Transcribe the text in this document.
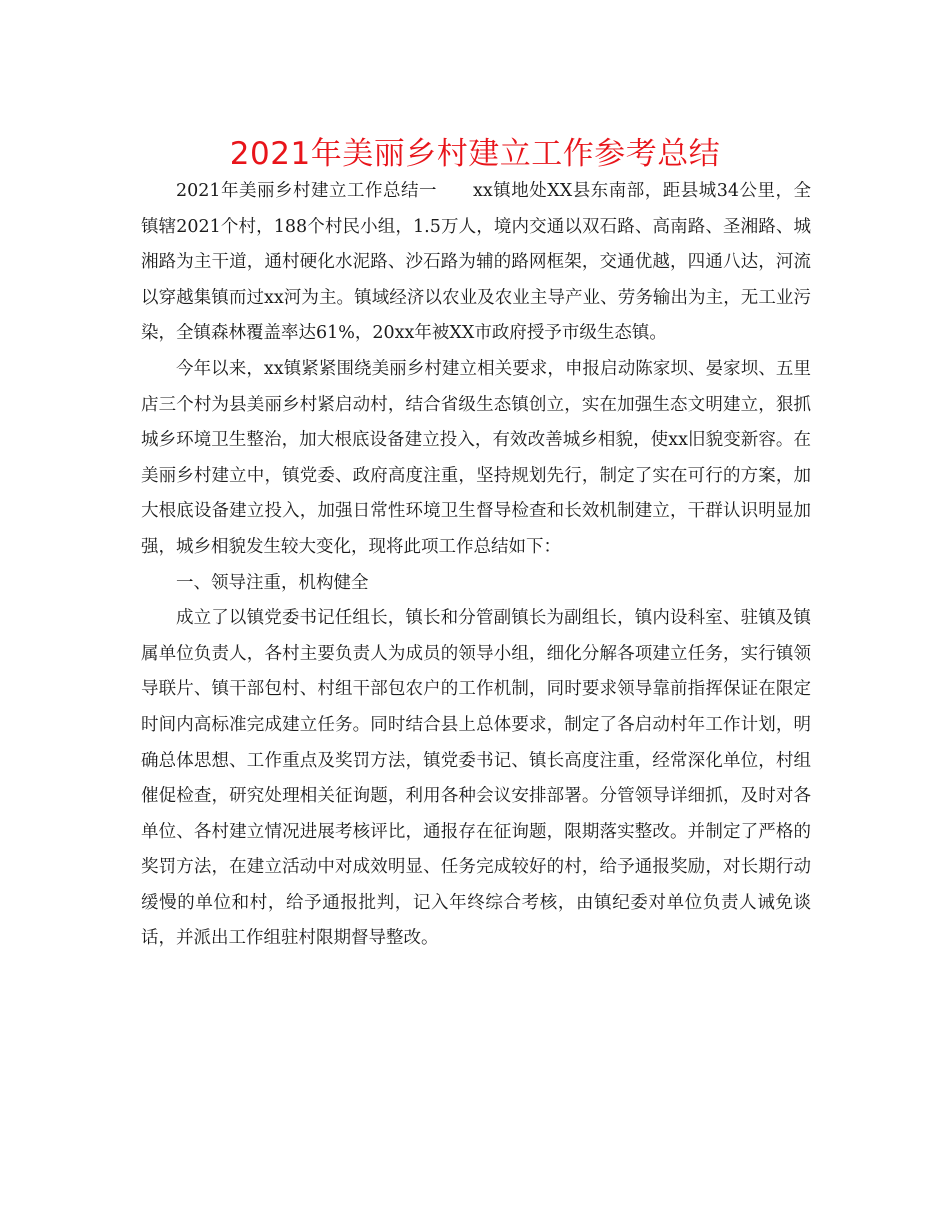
2021年美丽乡村建立工作参考总结

2021年美丽乡村建立工作总结一　　xx镇地处XX县东南部，距县城34公里，全镇辖2021个村，188个村民小组，1.5万人，境内交通以双石路、高南路、圣湘路、城湘路为主干道，通村硬化水泥路、沙石路为辅的路网框架，交通优越，四通八达，河流以穿越集镇而过xx河为主。镇域经济以农业及农业主导产业、劳务输出为主，无工业污染，全镇森林覆盖率达61%，20xx年被XX市政府授予市级生态镇。

今年以来，xx镇紧紧围绕美丽乡村建立相关要求，申报启动陈家坝、晏家坝、五里店三个村为县美丽乡村紧启动村，结合省级生态镇创立，实在加强生态文明建立，狠抓城乡环境卫生整治，加大根底设备建立投入，有效改善城乡相貌，使xx旧貌变新容。在美丽乡村建立中，镇党委、政府高度注重，坚持规划先行，制定了实在可行的方案，加大根底设备建立投入，加强日常性环境卫生督导检查和长效机制建立，干群认识明显加强，城乡相貌发生较大变化，现将此项工作总结如下：

一、领导注重，机构健全

成立了以镇党委书记任组长，镇长和分管副镇长为副组长，镇内设科室、驻镇及镇属单位负责人，各村主要负责人为成员的领导小组，细化分解各项建立任务，实行镇领导联片、镇干部包村、村组干部包农户的工作机制，同时要求领导靠前指挥保证在限定时间内高标准完成建立任务。同时结合县上总体要求，制定了各启动村年工作计划，明确总体思想、工作重点及奖罚方法，镇党委书记、镇长高度注重，经常深化单位，村组催促检查，研究处理相关征询题，利用各种会议安排部署。分管领导详细抓，及时对各单位、各村建立情况进展考核评比，通报存在征询题，限期落实整改。并制定了严格的奖罚方法，在建立活动中对成效明显、任务完成较好的村，给予通报奖励，对长期行动缓慢的单位和村，给予通报批判，记入年终综合考核，由镇纪委对单位负责人诫免谈话，并派出工作组驻村限期督导整改。
